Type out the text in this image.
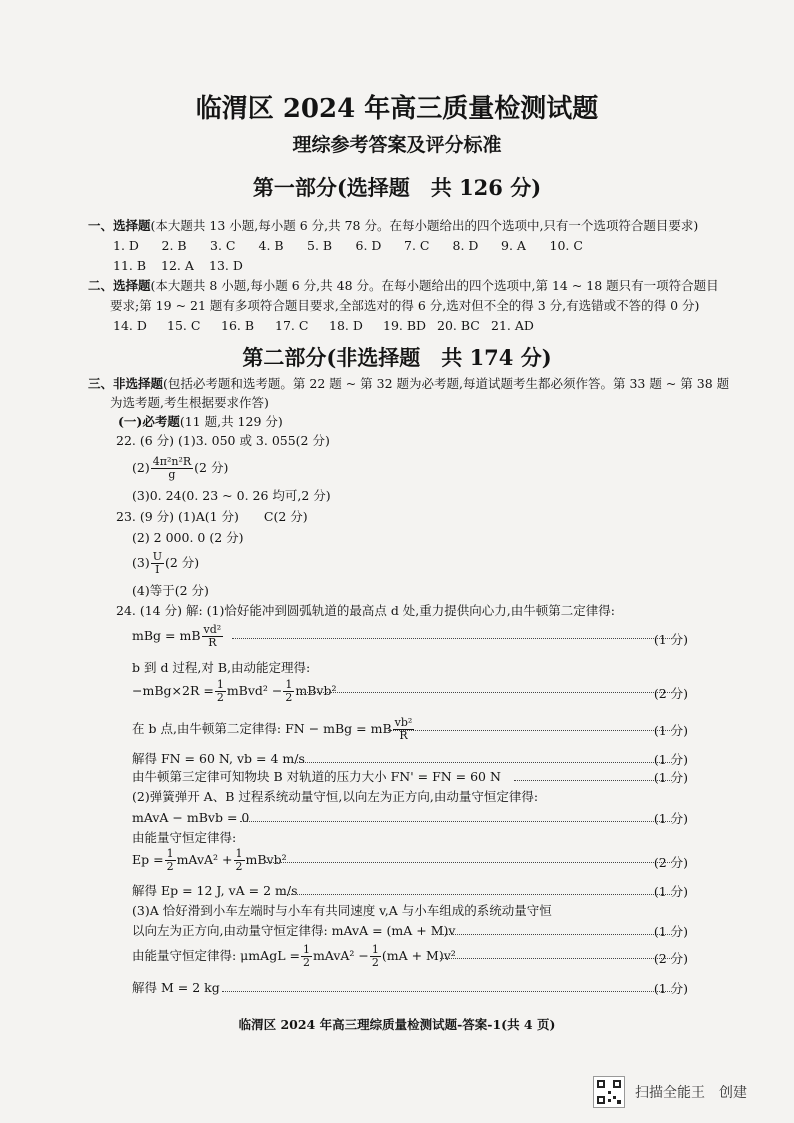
临渭区 2024 年高三质量检测试题
理综参考答案及评分标准
第一部分(选择题　共 126 分)
一、选择题(本大题共 13 小题,每小题 6 分,共 78 分。在每小题给出的四个选项中,只有一个选项符合题目要求)
1. D 2. B 3. C 4. B 5. B 6. D 7. C 8. D 9. A 10. C
11. B 12. A 13. D
二、选择题(本大题共 8 小题,每小题 6 分,共 48 分。在每小题给出的四个选项中,第 14 ~ 18 题只有一项符合题目
要求;第 19 ~ 21 题有多项符合题目要求,全部选对的得 6 分,选对但不全的得 3 分,有选错或不答的得 0 分)
14. D 15. C 16. B 17. C 18. D 19. BD 20. BC 21. AD
第二部分(非选择题　共 174 分)
三、非选择题(包括必考题和选考题。第 22 题 ~ 第 32 题为必考题,每道试题考生都必须作答。第 33 题 ~ 第 38 题
为选考题,考生根据要求作答)
(一)必考题(11 题,共 129 分)
22. (6 分) (1)3. 050 或 3. 055(2 分)
$(2) \frac{\text{4π²n²R}}{g} (2$ 分)
(3)0. 24(0. 23 ~ 0. 26 均可,2 分)
23. (9 分) (1)A(1 分)　　C(2 分)
(2) 2 000. 0 (2 分)
$(3) \frac{U}{I} (2$ 分)
(4)等于(2 分)
24. (14 分) 解: (1)恰好能冲到圆弧轨道的最高点 d 处,重力提供向心力,由牛顿第二定律得:
mBg = mB $\frac{\text{vd²}}{R}$	(1 分)
b 到 d 过程,对 B,由动能定理得:
$-mBg\times 2R = \frac{1}{2}$ mBvd² − $\frac{1}{2}$ mBvb²	(2 分)
在 b 点,由牛顿第二定律得: FN − mBg = mB $\frac{\text{vb²}}{R}$	(1 分)
解得 FN = 60 N, vb = 4 m/s	(1 分)
由牛顿第三定律可知物块 B 对轨道的压力大小 FN' = FN = 60 N	(1 分)
(2)弹簧弹开 A、B 过程系统动量守恒,以向左为正方向,由动量守恒定律得:
mAvA − mBvb = 0	(1 分)
由能量守恒定律得:
$Ep = \frac{1}{2}$ mAvA² + $\frac{1}{2}$ mBvb²	(2 分)
解得 Ep = 12 J, vA = 2 m/s	(1 分)
(3)A 恰好滑到小车左端时与小车有共同速度 v,A 与小车组成的系统动量守恒
以向左为正方向,由动量守恒定律得: mAvA = (mA + M)v	(1 分)
由能量守恒定律得: μmAgL = $\frac{1}{2}$ mAvA² − $\frac{1}{2} (mA + M)v^2$	(2 分)
解得 M = 2 kg	(1 分)
临渭区 2024 年高三理综质量检测试题-答案-1(共 4 页)
扫描全能王　创建
